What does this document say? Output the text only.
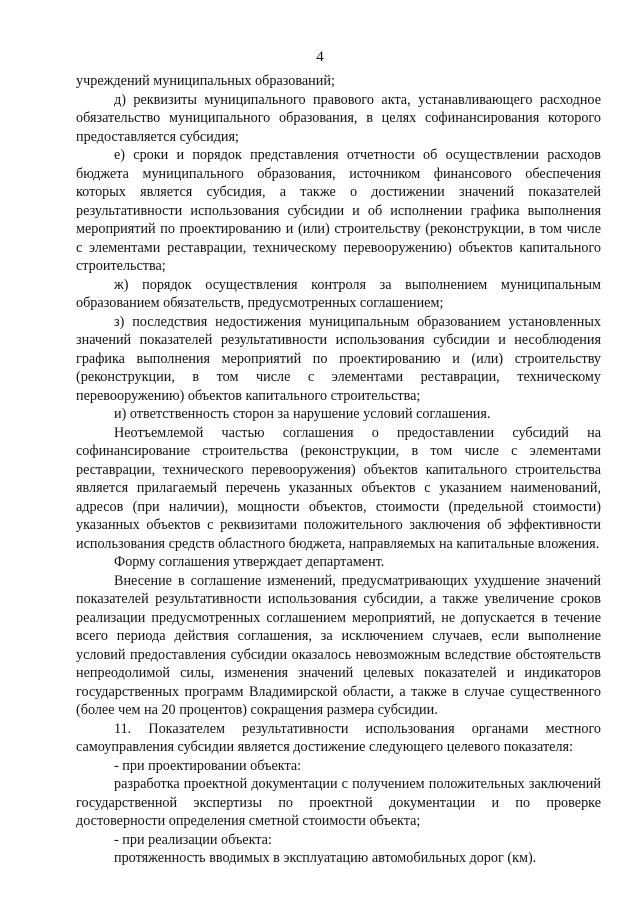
4

учреждений муниципальных образований;

д) реквизиты муниципального правового акта, устанавливающего расходное обязательство муниципального образования, в целях софинансирования которого предоставляется субсидия;

е) сроки и порядок представления отчетности об осуществлении расходов бюджета муниципального образования, источником финансового обеспечения которых является субсидия, а также о достижении значений показателей результативности использования субсидии и об исполнении графика выполнения мероприятий по проектированию и (или) строительству (реконструкции, в том числе с элементами реставрации, техническому перевооружению) объектов капитального строительства;

ж) порядок осуществления контроля за выполнением муниципальным образованием обязательств, предусмотренных соглашением;

з) последствия недостижения муниципальным образованием установленных значений показателей результативности использования субсидии и несоблюдения графика выполнения мероприятий по проектированию и (или) строительству (реконструкции, в том числе с элементами реставрации, техническому перевооружению) объектов капитального строительства;

и) ответственность сторон за нарушение условий соглашения.

Неотъемлемой частью соглашения о предоставлении субсидий на софинансирование строительства (реконструкции, в том числе с элементами реставрации, технического перевооружения) объектов капитального строительства является прилагаемый перечень указанных объектов с указанием наименований, адресов (при наличии), мощности объектов, стоимости (предельной стоимости) указанных объектов с реквизитами положительного заключения об эффективности использования средств областного бюджета, направляемых на капитальные вложения.

Форму соглашения утверждает департамент.

Внесение в соглашение изменений, предусматривающих ухудшение значений показателей результативности использования субсидии, а также увеличение сроков реализации предусмотренных соглашением мероприятий, не допускается в течение всего периода действия соглашения, за исключением случаев, если выполнение условий предоставления субсидии оказалось невозможным вследствие обстоятельств непреодолимой силы, изменения значений целевых показателей и индикаторов государственных программ Владимирской области, а также в случае существенного (более чем на 20 процентов) сокращения размера субсидии.

11. Показателем результативности использования органами местного самоуправления субсидии является достижение следующего целевого показателя:

- при проектировании объекта:

разработка проектной документации с получением положительных заключений государственной экспертизы по проектной документации и по проверке достоверности определения сметной стоимости объекта;

- при реализации объекта:

протяженность вводимых в эксплуатацию автомобильных дорог (км).
